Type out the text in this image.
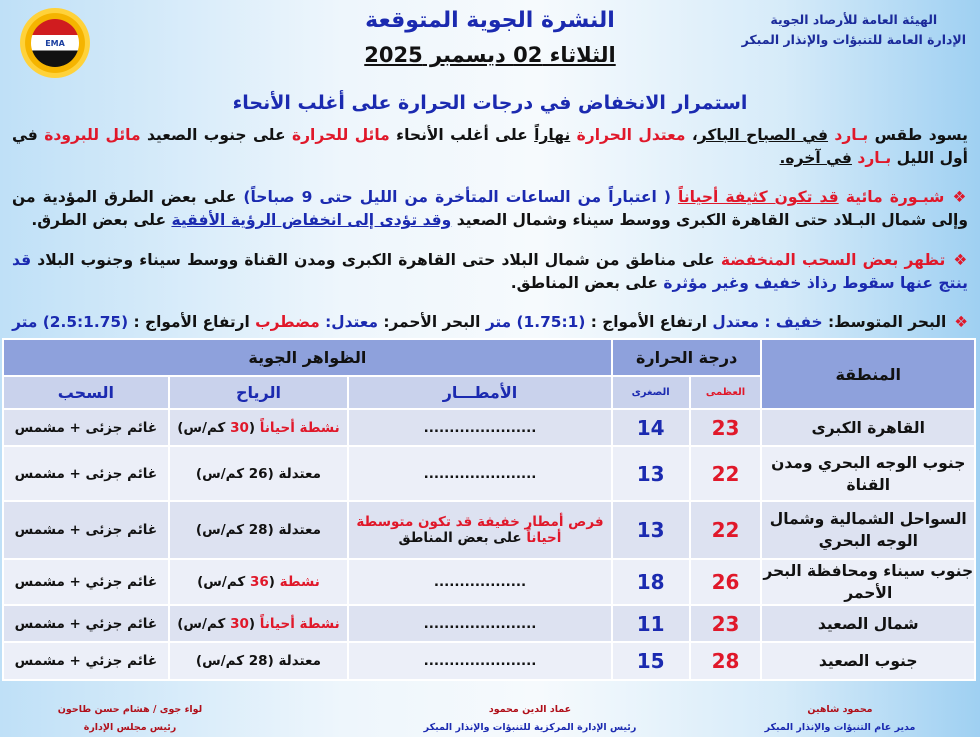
الهيئة العامة للأرصاد الجوية
الإدارة العامة للتنبؤات والإنذار المبكر
EMA
النشرة الجوية المتوقعة
الثلاثاء 02 ديسمبر 2025
استمرار الانخفاض في درجات الحرارة على أغلب الأنحاء
يسود طقس بـارد في الصباح الباكر، معتدل الحرارة نهاراً على أغلب الأنحاء مائل للحرارة على جنوب الصعيد مائل للبرودة في أول الليل بـارد في آخره.
❖شبـورة مائية قد تكون كثيفة أحياناً ( اعتباراً من الساعات المتأخرة من الليل حتى 9 صباحاً) على بعض الطرق المؤدية من وإلى شمال البـلاد حتى القاهرة الكبرى ووسط سيناء وشمال الصعيد وقد تؤدى إلى انخفاض الرؤية الأفقية على بعض الطرق.
❖تظهر بعض السحب المنخفضة على مناطق من شمال البلاد حتى القاهرة الكبرى ومدن القناة ووسط سيناء وجنوب البلاد قد ينتج عنها سقوط رذاذ خفيف وغير مؤثرة على بعض المناطق.
❖البحر المتوسط: خفيف : معتدل ارتفاع الأمواج : (1.75:1) متر البحر الأحمر: معتدل: مضطرب ارتفاع الأمواج : (2.5:1.75) متر
المنطقة	درجة الحرارة		الظواهر الجوية		
	العظمى	الصغرى	الأمطـــار	الرياح	السحب
القاهرة الكبرى	23	14	......................	نشطة أحياناً (30 كم/س)	غائم جزئى + مشمس
جنوب الوجه البحري ومدن القناة	22	13	......................	معتدلة (26 كم/س)	غائم جزئى + مشمس
السواحل الشمالية وشمال الوجه البحري	22	13	فرص أمطار خفيفة قد تكون متوسطة أحياناً على بعض المناطق	معتدلة (28 كم/س)	غائم جزئى + مشمس
جنوب سيناء ومحافظة البحر الأحمر	26	18	..................	نشطة (36 كم/س)	غائم جزئي + مشمس
شمال الصعيد	23	11	......................	نشطة أحياناً (30 كم/س)	غائم جزئي + مشمس
جنوب الصعيد	28	15	......................	معتدلة (28 كم/س)	غائم جزئي + مشمس
محمود شاهين
مدير عام التنبؤات والإنذار المبكر
عماد الدين محمود
رئيس الإدارة المركزية للتنبؤات والإنذار المبكر
لواء جوى / هشام حسن طاحون
رئيس مجلس الإدارة
